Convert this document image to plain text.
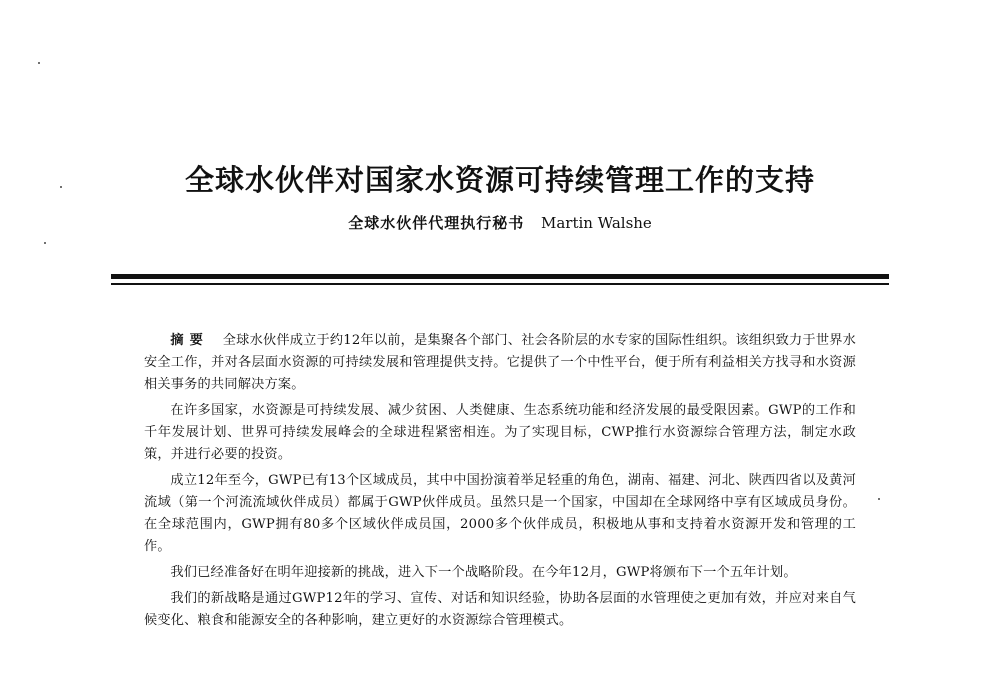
全球水伙伴对国家水资源可持续管理工作的支持
全球水伙伴代理执行秘书 Martin Walshe

摘要 全球水伙伴成立于约12年以前，是集聚各个部门、社会各阶层的水专家的国际性组织。该组织致力于世界水安全工作，并对各层面水资源的可持续发展和管理提供支持。它提供了一个中性平台，便于所有利益相关方找寻和水资源相关事务的共同解决方案。

在许多国家，水资源是可持续发展、减少贫困、人类健康、生态系统功能和经济发展的最受限因素。GWP的工作和千年发展计划、世界可持续发展峰会的全球进程紧密相连。为了实现目标，CWP推行水资源综合管理方法，制定水政策，并进行必要的投资。

成立12年至今，GWP已有13个区域成员，其中中国扮演着举足轻重的角色，湖南、福建、河北、陕西四省以及黄河流域（第一个河流流域伙伴成员）都属于GWP伙伴成员。虽然只是一个国家，中国却在全球网络中享有区域成员身份。在全球范围内，GWP拥有80多个区域伙伴成员国，2000多个伙伴成员，积极地从事和支持着水资源开发和管理的工作。

我们已经准备好在明年迎接新的挑战，进入下一个战略阶段。在今年12月，GWP将颁布下一个五年计划。

我们的新战略是通过GWP12年的学习、宣传、对话和知识经验，协助各层面的水管理使之更加有效，并应对来自气候变化、粮食和能源安全的各种影响，建立更好的水资源综合管理模式。
